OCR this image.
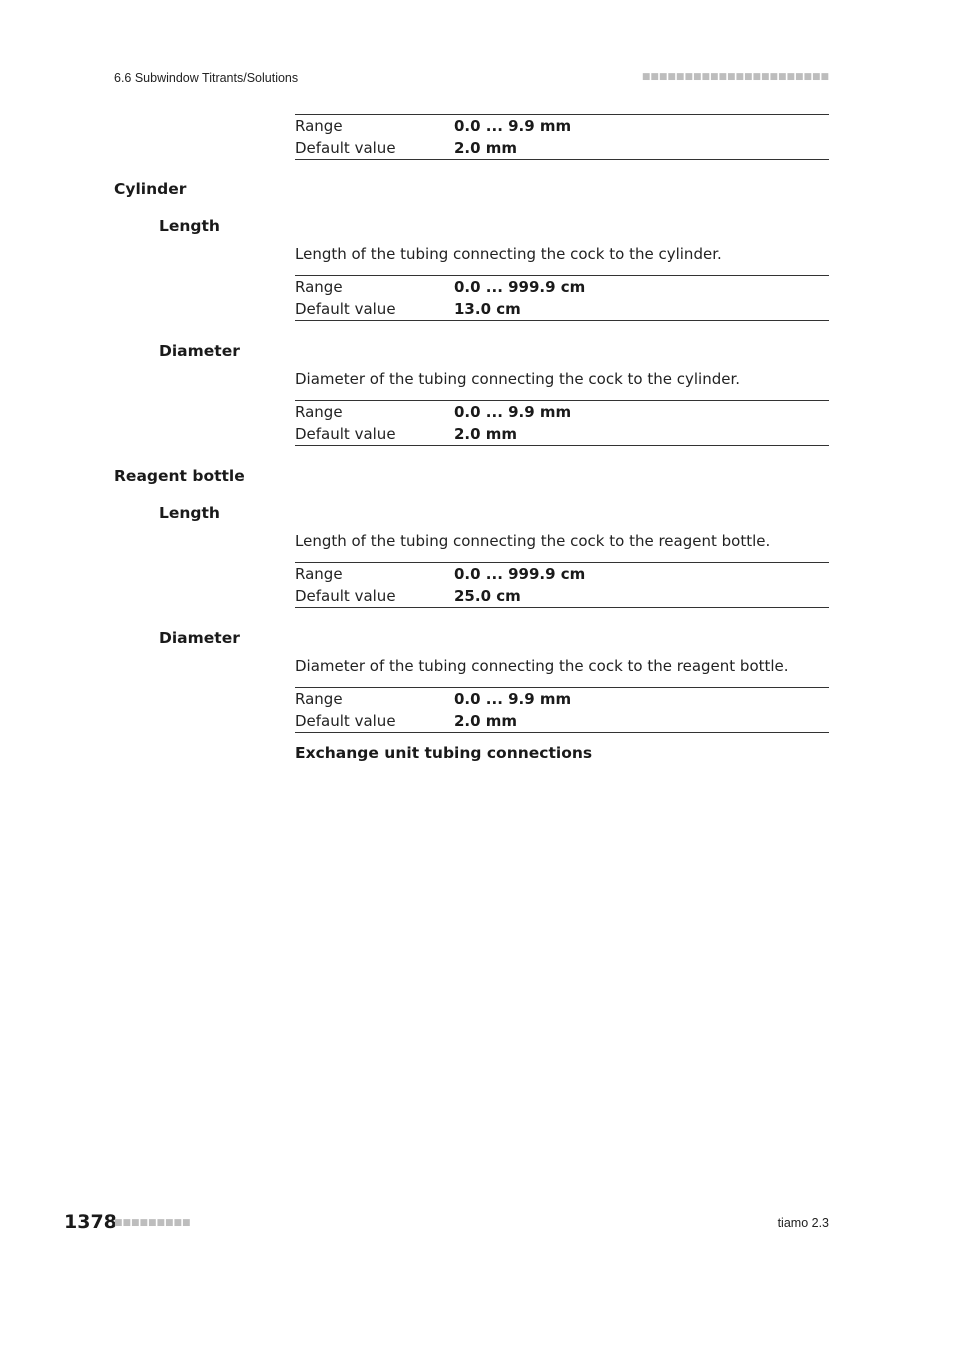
6.6 Subwindow Titrants/Solutions	■■■■■■■■■■■■■■■■■■■■■■
Range	0.0 ... 9.9 mm
Default value	2.0 mm
Cylinder
Length
Length of the tubing connecting the cock to the cylinder.
Range	0.0 ... 999.9 cm
Default value	13.0 cm
Diameter
Diameter of the tubing connecting the cock to the cylinder.
Range	0.0 ... 9.9 mm
Default value	2.0 mm
Reagent bottle
Length
Length of the tubing connecting the cock to the reagent bottle.
Range	0.0 ... 999.9 cm
Default value	25.0 cm
Diameter
Diameter of the tubing connecting the cock to the reagent bottle.
Range	0.0 ... 9.9 mm
Default value	2.0 mm
Exchange unit tubing connections
1378
■■■■■■■■■	tiamo 2.3
